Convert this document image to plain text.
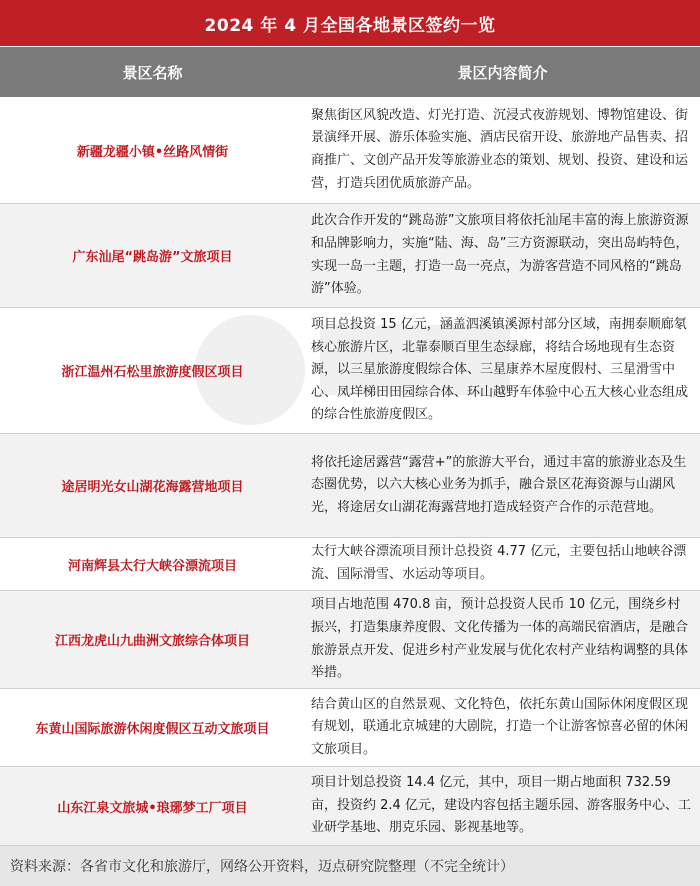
2024 年 4 月全国各地景区签约一览
景区名称	景区内容简介
新疆龙疆小镇•丝路风情街
聚焦街区风貌改造、灯光打造、沉浸式夜游规划、博物馆建设、街景演绎开展、游乐体验实施、酒店民宿开设、旅游地产品售卖、招商推广、文创产品开发等旅游业态的策划、规划、投资、建设和运营，打造兵团优质旅游产品。
广东汕尾“跳岛游”文旅项目
此次合作开发的“跳岛游”文旅项目将依托汕尾丰富的海上旅游资源和品牌影响力，实施“陆、海、岛”三方资源联动，突出岛屿特色，实现一岛一主题，打造一岛一亮点，为游客营造不同风格的“跳岛游”体验。
浙江温州石松里旅游度假区项目
项目总投资 15 亿元，涵盖泗溪镇溪源村部分区域，南拥泰顺廊氡核心旅游片区，北靠泰顺百里生态绿廊，将结合场地现有生态资源，以三星旅游度假综合体、三星康养木屋度假村、三星滑雪中心、凤垟梯田田园综合体、环山越野车体验中心五大核心业态组成的综合性旅游度假区。
途居明光女山湖花海露营地项目
将依托途居露营“露营+”的旅游大平台，通过丰富的旅游业态及生态圈优势，以六大核心业务为抓手，融合景区花海资源与山湖风光，将途居女山湖花海露营地打造成轻资产合作的示范营地。
河南辉县太行大峡谷漂流项目
太行大峡谷漂流项目预计总投资 4.77 亿元，主要包括山地峡谷漂流、国际滑雪、水运动等项目。
江西龙虎山九曲洲文旅综合体项目
项目占地范围 470.8 亩，预计总投资人民币 10 亿元，围绕乡村振兴，打造集康养度假、文化传播为一体的高端民宿酒店，是融合旅游景点开发、促进乡村产业发展与优化农村产业结构调整的具体举措。
东黄山国际旅游休闲度假区互动文旅项目
结合黄山区的自然景观、文化特色，依托东黄山国际休闲度假区现有规划，联通北京城建的大剧院，打造一个让游客惊喜必留的休闲文旅项目。
山东江泉文旅城•琅琊梦工厂项目
项目计划总投资 14.4 亿元，其中，项目一期占地面积 732.59 亩，投资约 2.4 亿元，建设内容包括主题乐园、游客服务中心、工业研学基地、朋克乐园、影视基地等。
资料来源：各省市文化和旅游厅，网络公开资料，迈点研究院整理（不完全统计）
